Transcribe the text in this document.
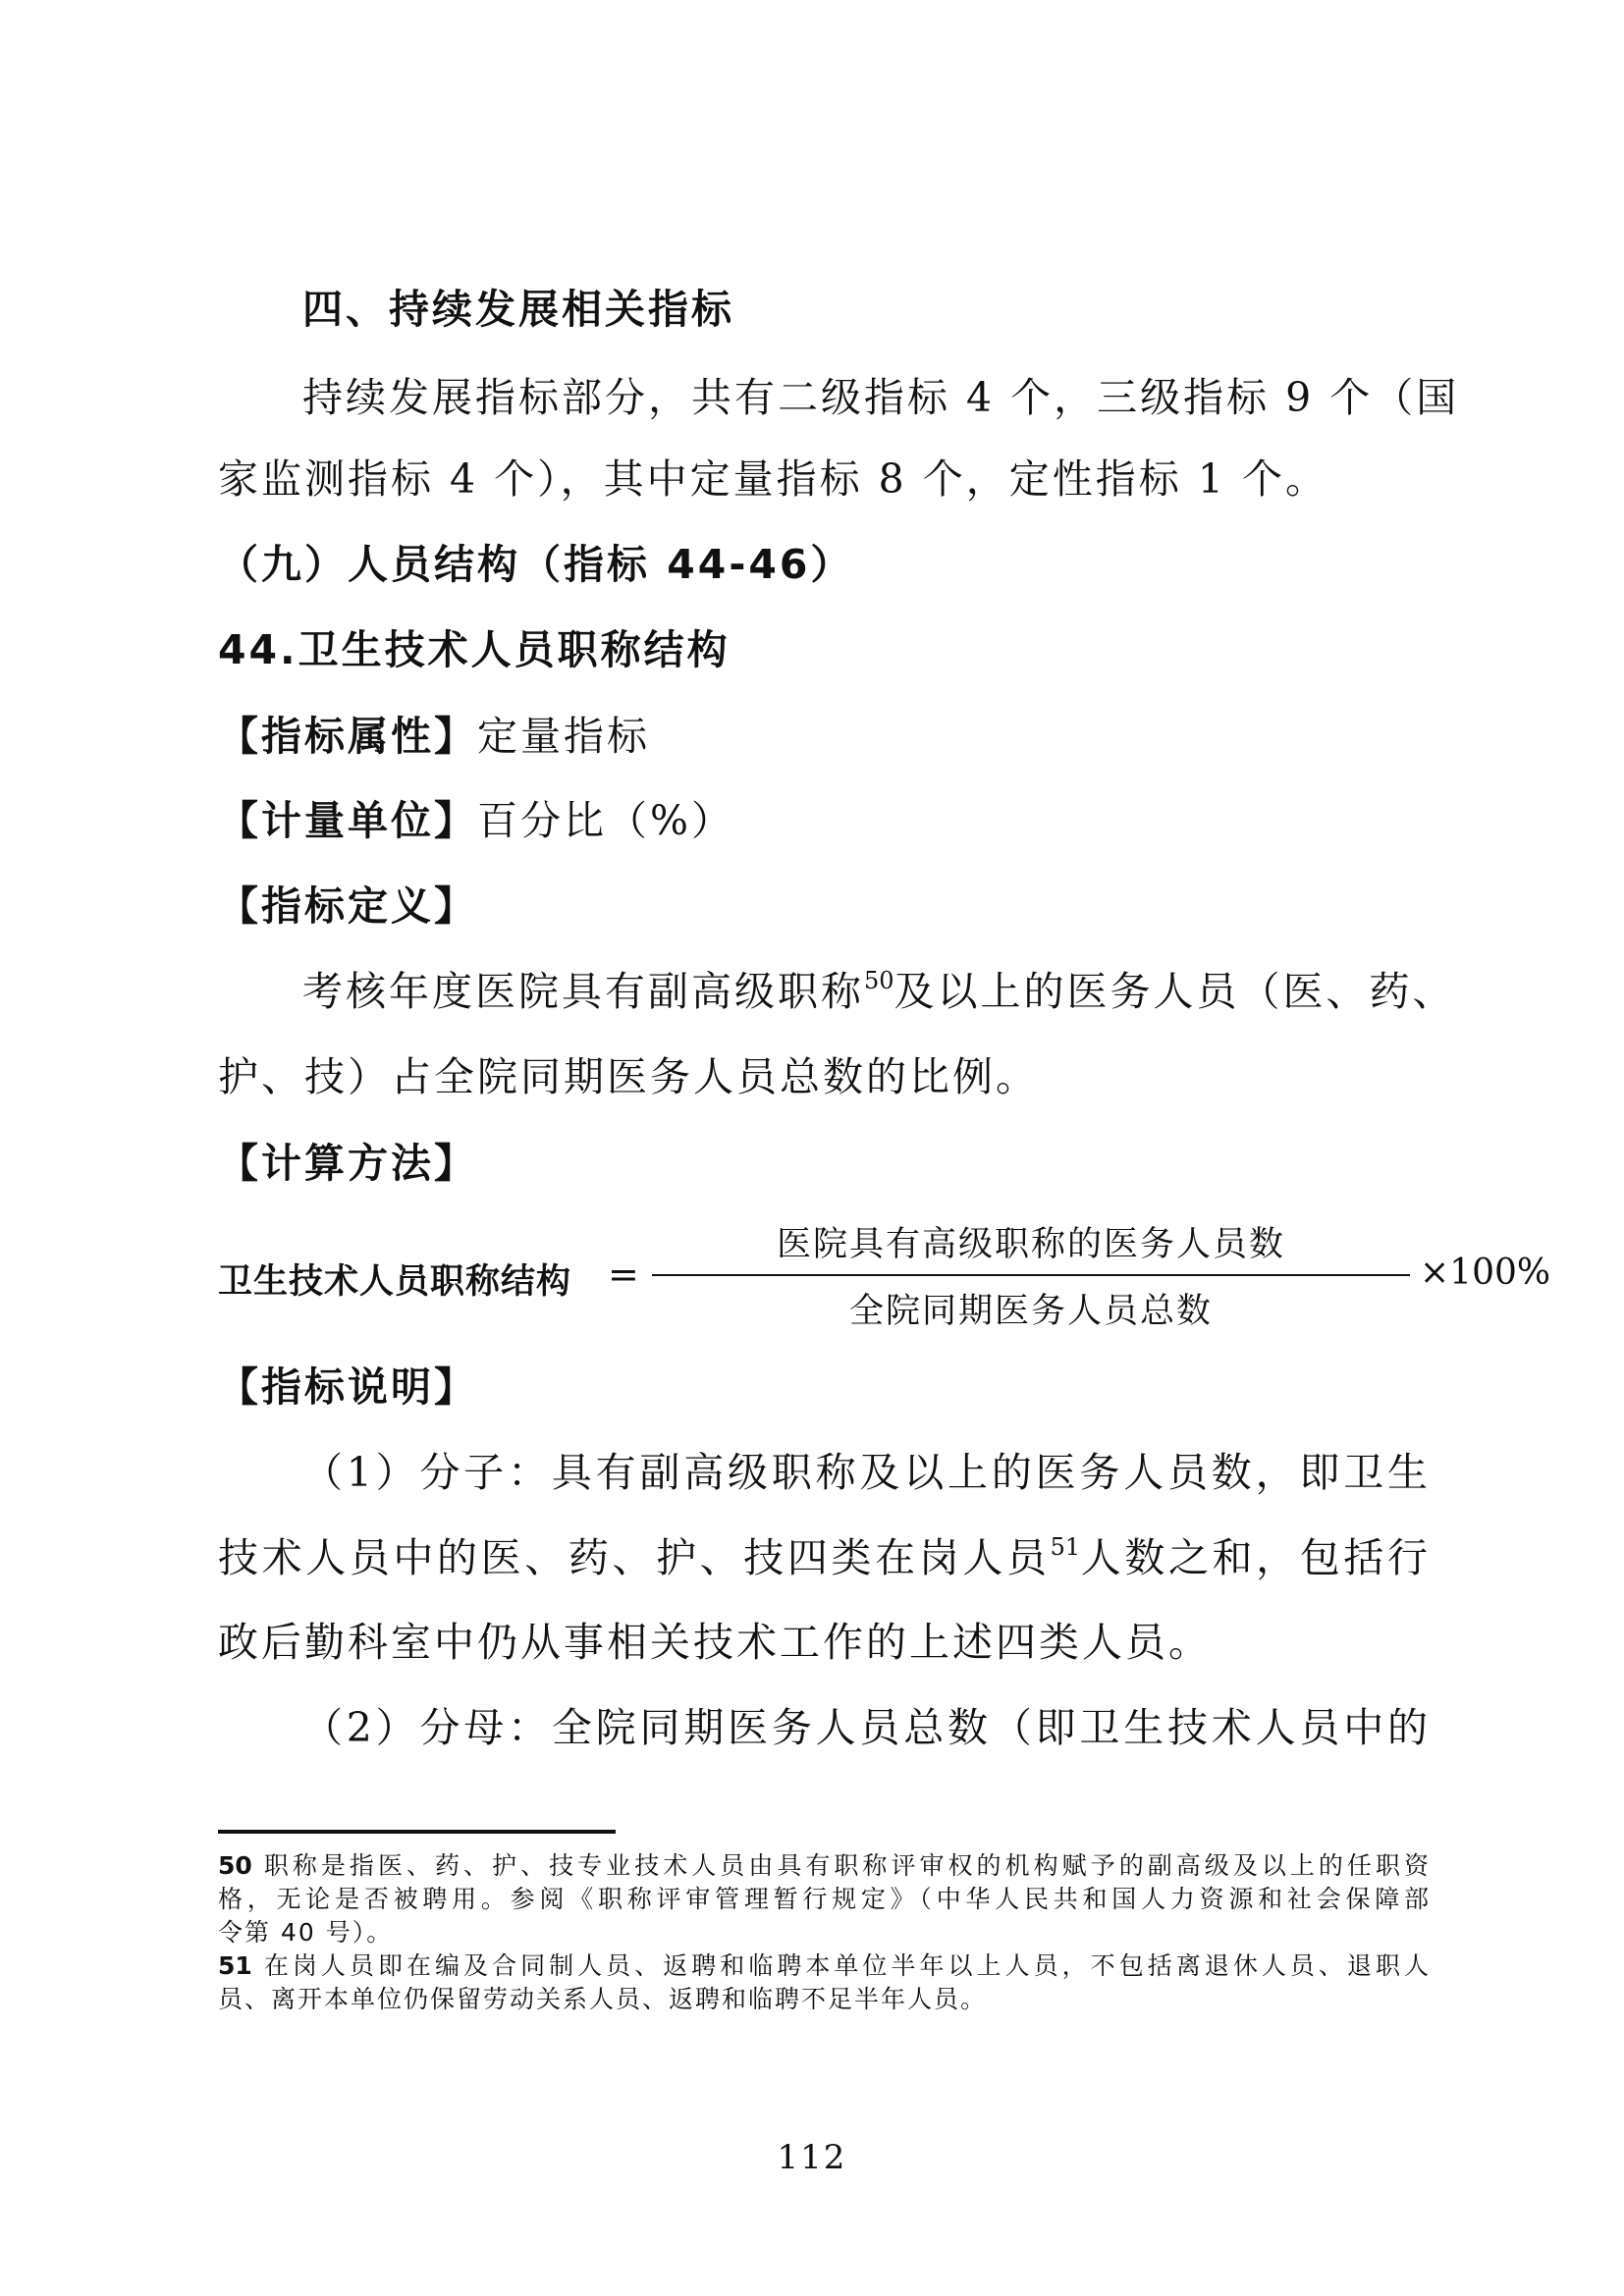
四、持续发展相关指标
持续发展指标部分，共有二级指标 4 个，三级指标 9 个（国
家监测指标 4 个），其中定量指标 8 个，定性指标 1 个。
（九）人员结构（指标 44-46）
44.卫生技术人员职称结构
【指标属性】定量指标
【计量单位】百分比（%）
【指标定义】
考核年度医院具有副高级职称$^{50}$及以上的医务人员（医、药、
护、技）占全院同期医务人员总数的比例。
【计算方法】
卫生技术人员职称结构 =
医院具有高级职称的医务人员数
全院同期医务人员总数
×100%
【指标说明】
（1）分子：具有副高级职称及以上的医务人员数，即卫生
技术人员中的医、药、护、技四类在岗人员$^{51}$人数之和，包括行
政后勤科室中仍从事相关技术工作的上述四类人员。
（2）分母：全院同期医务人员总数（即卫生技术人员中的
50 职称是指医、药、护、技专业技术人员由具有职称评审权的机构赋予的副高级及以上的任职资
格，无论是否被聘用。参阅《职称评审管理暂行规定》（中华人民共和国人力资源和社会保障部
令第 40 号）。
51 在岗人员即在编及合同制人员、返聘和临聘本单位半年以上人员，不包括离退休人员、退职人
员、离开本单位仍保留劳动关系人员、返聘和临聘不足半年人员。
112
